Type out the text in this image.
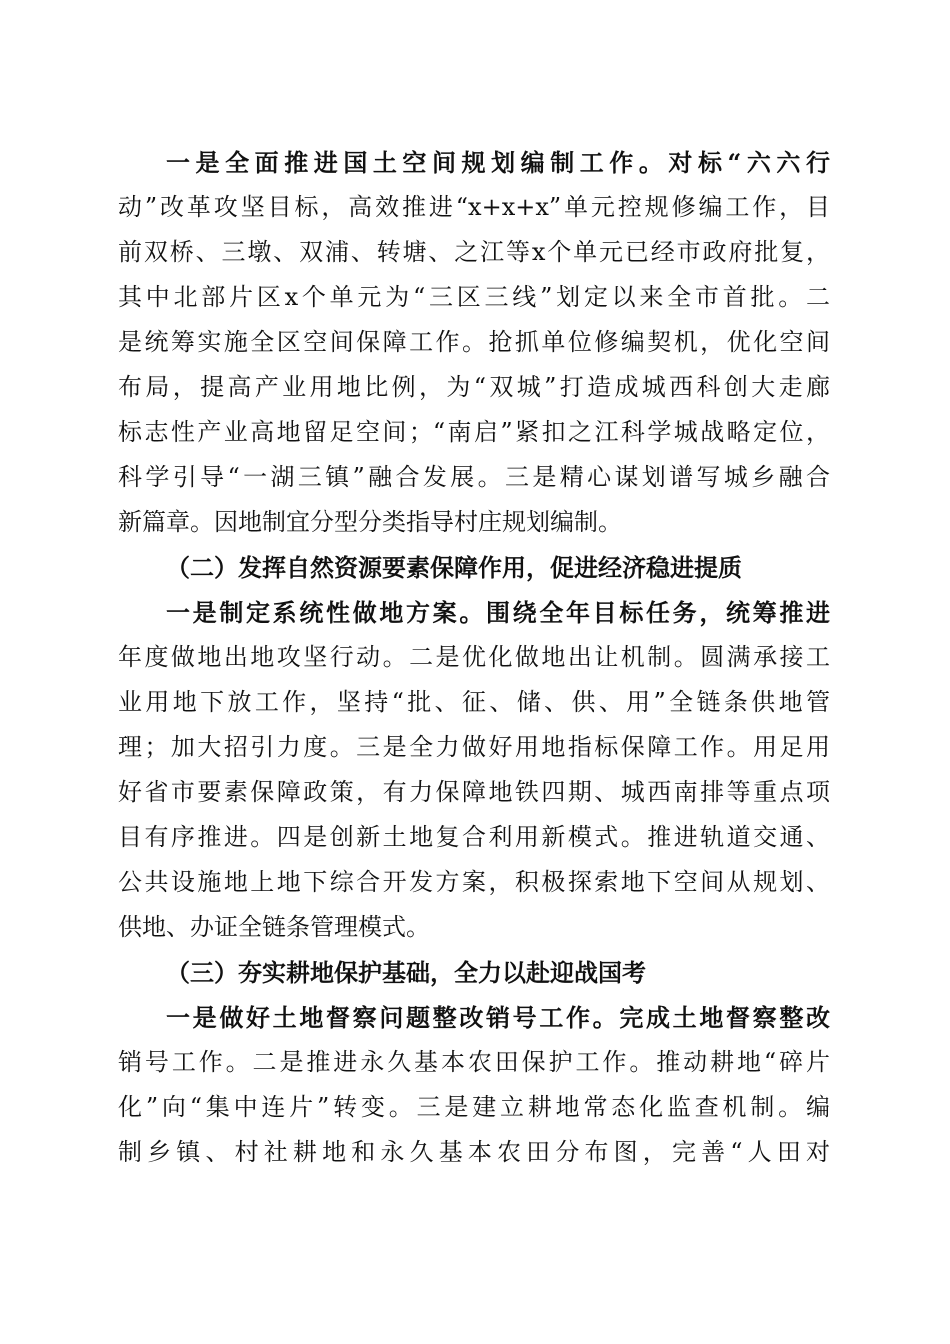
一是全面推进国土空间规划编制工作。对标“六六行
动”改革攻坚目标，高效推进“x+x+x”单元控规修编工作，目
前双桥、三墩、双浦、转塘、之江等x个单元已经市政府批复，
其中北部片区x个单元为“三区三线”划定以来全市首批。二
是统筹实施全区空间保障工作。抢抓单位修编契机，优化空间
布局，提高产业用地比例，为“双城”打造成城西科创大走廊
标志性产业高地留足空间；“南启”紧扣之江科学城战略定位，
科学引导“一湖三镇”融合发展。三是精心谋划谱写城乡融合
新篇章。因地制宜分型分类指导村庄规划编制。
（二）发挥自然资源要素保障作用，促进经济稳进提质
一是制定系统性做地方案。围绕全年目标任务，统筹推进
年度做地出地攻坚行动。二是优化做地出让机制。圆满承接工
业用地下放工作，坚持“批、征、储、供、用”全链条供地管
理；加大招引力度。三是全力做好用地指标保障工作。用足用
好省市要素保障政策，有力保障地铁四期、城西南排等重点项
目有序推进。四是创新土地复合利用新模式。推进轨道交通、
公共设施地上地下综合开发方案，积极探索地下空间从规划、
供地、办证全链条管理模式。
（三）夯实耕地保护基础，全力以赴迎战国考
一是做好土地督察问题整改销号工作。完成土地督察整改
销号工作。二是推进永久基本农田保护工作。推动耕地“碎片
化”向“集中连片”转变。三是建立耕地常态化监查机制。编
制乡镇、村社耕地和永久基本农田分布图，完善“人田对
